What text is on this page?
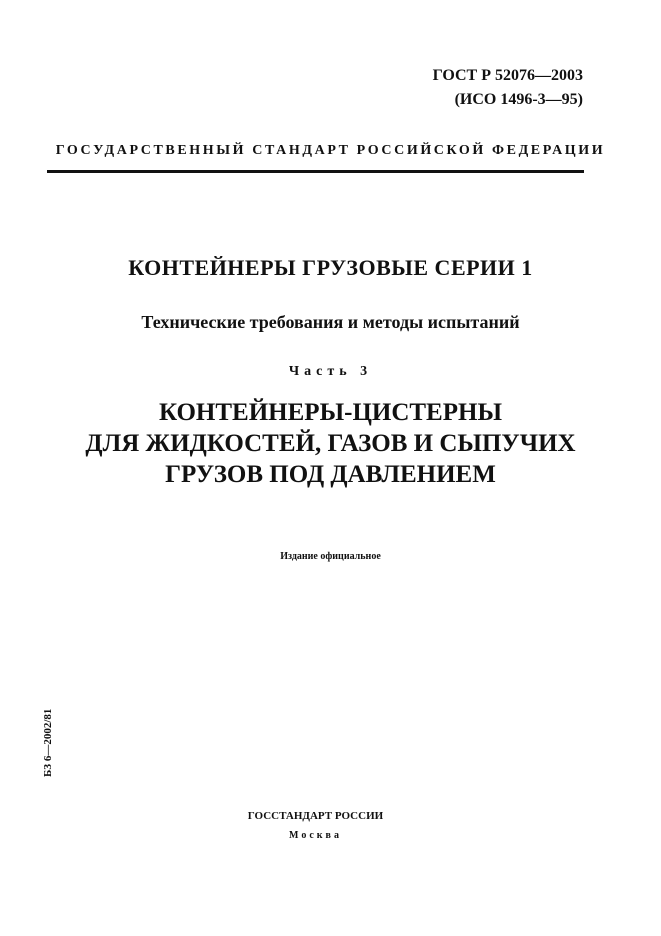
ГОСТ Р 52076—2003
(ИСО 1496-3—95)
ГОСУДАРСТВЕННЫЙ СТАНДАРТ РОССИЙСКОЙ ФЕДЕРАЦИИ
КОНТЕЙНЕРЫ ГРУЗОВЫЕ СЕРИИ 1
Технические требования и методы испытаний
Часть 3
КОНТЕЙНЕРЫ-ЦИСТЕРНЫ
ДЛЯ ЖИДКОСТЕЙ, ГАЗОВ И СЫПУЧИХ
ГРУЗОВ ПОД ДАВЛЕНИЕМ
Издание официальное
БЗ 6—2002/81
ГОССТАНДАРТ РОССИИ
Москва
